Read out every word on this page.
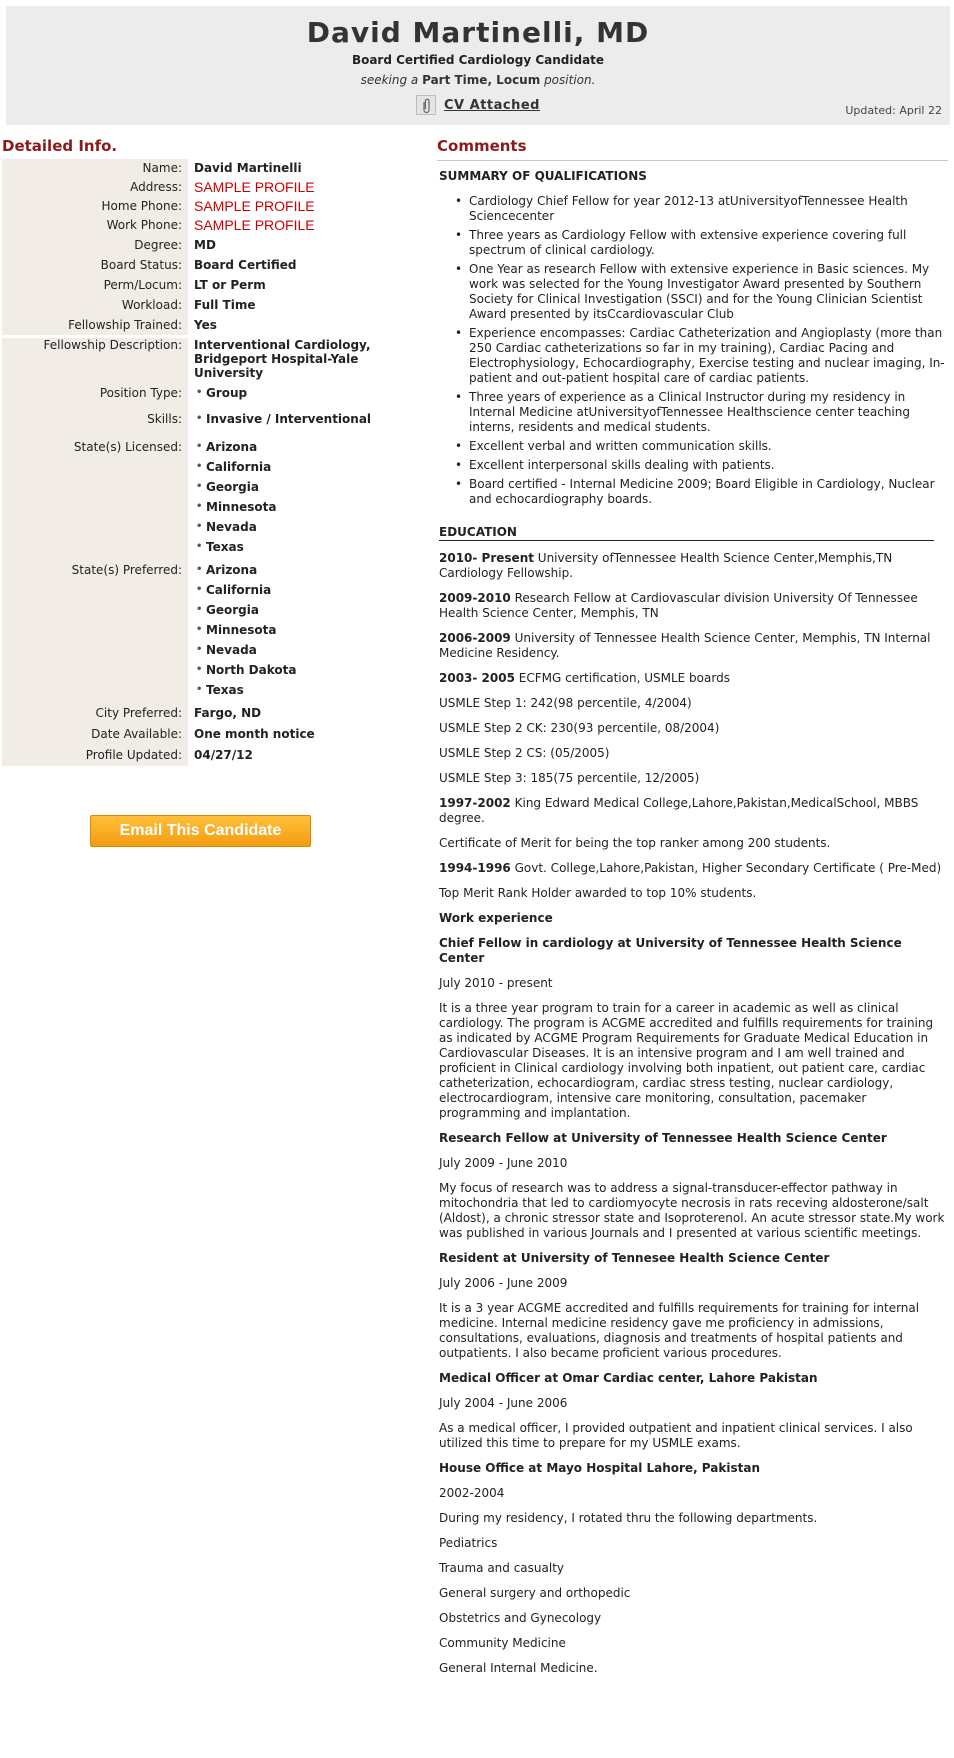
David Martinelli, MD
Board Certified Cardiology Candidate
seeking a Part Time, Locum position.
CV Attached	Updated: April 22
Detailed Info.	Comments
Name:	David Martinelli
Address: SAMPLE PROFILE
Home Phone: SAMPLE PROFILE
Work Phone: SAMPLE PROFILE
Degree:	MD
Board Status:	Board Certified
Perm/Locum:	LT or Perm
Workload:	Full Time
Fellowship Trained:	Yes
Fellowship Description:	Interventional Cardiology, Bridgeport Hospital-Yale University
Position Type:	• Group
Skills:	• Invasive / Interventional
State(s) Licensed:	• Arizona
• California
• Georgia
• Minnesota
• Nevada
• Texas
State(s) Preferred:	• Arizona
• California
• Georgia
• Minnesota
• Nevada
• North Dakota
• Texas
City Preferred:	Fargo, ND
Date Available:	One month notice
Profile Updated:	04/27/12
Email This Candidate
SUMMARY OF QUALIFICATIONS
• Cardiology Chief Fellow for year 2012-13 atUniversityofTennessee Health Sciencecenter
• Three years as Cardiology Fellow with extensive experience covering full spectrum of clinical cardiology.
• One Year as research Fellow with extensive experience in Basic sciences. My work was selected for the Young Investigator Award presented by Southern Society for Clinical Investigation (SSCI) and for the Young Clinician Scientist Award presented by itsCcardiovascular Club
• Experience encompasses: Cardiac Catheterization and Angioplasty (more than 250 Cardiac catheterizations so far in my training), Cardiac Pacing and Electrophysiology, Echocardiography, Exercise testing and nuclear imaging, In-patient and out-patient hospital care of cardiac patients.
• Three years of experience as a Clinical Instructor during my residency in Internal Medicine atUniversityofTennessee Healthscience center teaching interns, residents and medical students.
• Excellent verbal and written communication skills.
• Excellent interpersonal skills dealing with patients.
• Board certified - Internal Medicine 2009; Board Eligible in Cardiology, Nuclear and echocardiography boards.
EDUCATION

2010- Present University ofTennessee Health Science Center,Memphis,TN Cardiology Fellowship.

2009-2010 Research Fellow at Cardiovascular division University Of Tennessee Health Science Center, Memphis, TN

2006-2009 University of Tennessee Health Science Center, Memphis, TN Internal Medicine Residency.

2003- 2005 ECFMG certification, USMLE boards

USMLE Step 1: 242(98 percentile, 4/2004)

USMLE Step 2 CK: 230(93 percentile, 08/2004)

USMLE Step 2 CS: (05/2005)

USMLE Step 3: 185(75 percentile, 12/2005)

1997-2002 King Edward Medical College,Lahore,Pakistan,MedicalSchool, MBBS degree.

Certificate of Merit for being the top ranker among 200 students.

1994-1996 Govt. College,Lahore,Pakistan, Higher Secondary Certificate ( Pre-Med)

Top Merit Rank Holder awarded to top 10% students.

Work experience

Chief Fellow in cardiology at University of Tennessee Health Science Center

July 2010 - present

It is a three year program to train for a career in academic as well as clinical cardiology. The program is ACGME accredited and fulfills requirements for training as indicated by ACGME Program Requirements for Graduate Medical Education in Cardiovascular Diseases. It is an intensive program and I am well trained and proficient in Clinical cardiology involving both inpatient, out patient care, cardiac catheterization, echocardiogram, cardiac stress testing, nuclear cardiology, electrocardiogram, intensive care monitoring, consultation, pacemaker programming and implantation.

Research Fellow at University of Tennessee Health Science Center

July 2009 - June 2010

My focus of research was to address a signal-transducer-effector pathway in mitochondria that led to cardiomyocyte necrosis in rats receving aldosterone/salt (Aldost), a chronic stressor state and Isoproterenol. An acute stressor state.My work was published in various Journals and I presented at various scientific meetings.

Resident at University of Tennesee Health Science Center

July 2006 - June 2009

It is a 3 year ACGME accredited and fulfills requirements for training for internal medicine. Internal medicine residency gave me proficiency in admissions, consultations, evaluations, diagnosis and treatments of hospital patients and outpatients. I also became proficient various procedures.

Medical Officer at Omar Cardiac center, Lahore Pakistan

July 2004 - June 2006

As a medical officer, I provided outpatient and inpatient clinical services. I also utilized this time to prepare for my USMLE exams.

House Office at Mayo Hospital Lahore, Pakistan

2002-2004

During my residency, I rotated thru the following departments.

Pediatrics

Trauma and casualty

General surgery and orthopedic

Obstetrics and Gynecology

Community Medicine

General Internal Medicine.
